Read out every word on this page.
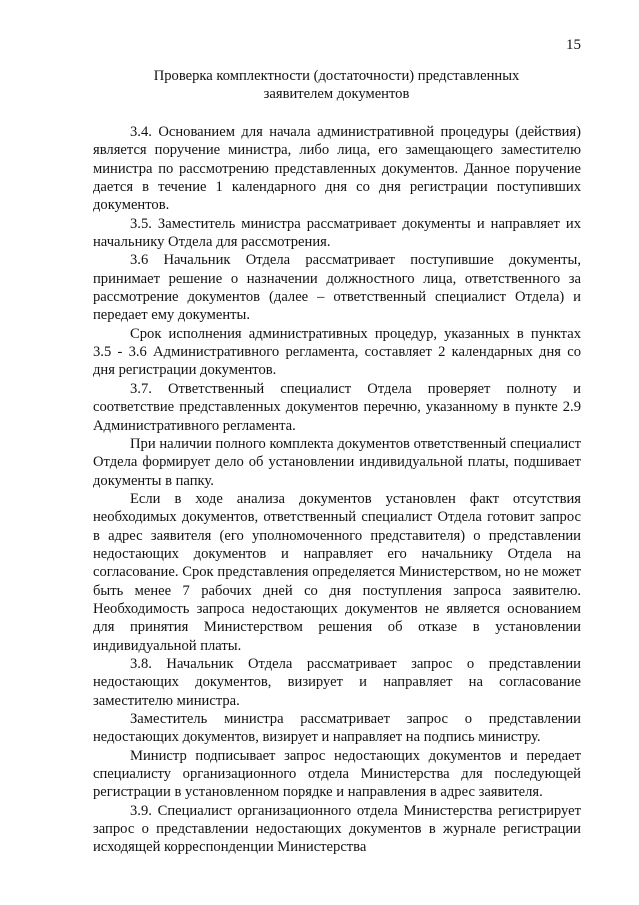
15
Проверка комплектности (достаточности) представленных
заявителем документов

3.4. Основанием для начала административной процедуры (действия) является поручение министра, либо лица, его замещающего заместителю министра по рассмотрению представленных документов. Данное поручение дается в течение 1 календарного дня со дня регистрации поступивших документов.

3.5. Заместитель министра рассматривает документы и направляет их начальнику Отдела для рассмотрения.

3.6 Начальник Отдела рассматривает поступившие документы, принимает решение о назначении должностного лица, ответственного за рассмотрение документов (далее – ответственный специалист Отдела) и передает ему документы.

Срок исполнения административных процедур, указанных в пунктах 3.5 - 3.6 Административного регламента, составляет 2 календарных дня со дня регистрации документов.

3.7. Ответственный специалист Отдела проверяет полноту и соответствие представленных документов перечню, указанному в пункте 2.9 Административного регламента.

При наличии полного комплекта документов ответственный специалист Отдела формирует дело об установлении индивидуальной платы, подшивает документы в папку.

Если в ходе анализа документов установлен факт отсутствия необходимых документов, ответственный специалист Отдела готовит запрос в адрес заявителя (его уполномоченного представителя) о представлении недостающих документов и направляет его начальнику Отдела на согласование. Срок представления определяется Министерством, но не может быть менее 7 рабочих дней со дня поступления запроса заявителю. Необходимость запроса недостающих документов не является основанием для принятия Министерством решения об отказе в установлении индивидуальной платы.

3.8. Начальник Отдела рассматривает запрос о представлении недостающих документов, визирует и направляет на согласование заместителю министра.

Заместитель министра рассматривает запрос о представлении недостающих документов, визирует и направляет на подпись министру.

Министр подписывает запрос недостающих документов и передает специалисту организационного отдела Министерства для последующей регистрации в установленном порядке и направления в адрес заявителя.

3.9. Специалист организационного отдела Министерства регистрирует запрос о представлении недостающих документов в журнале регистрации исходящей корреспонденции Министерства
